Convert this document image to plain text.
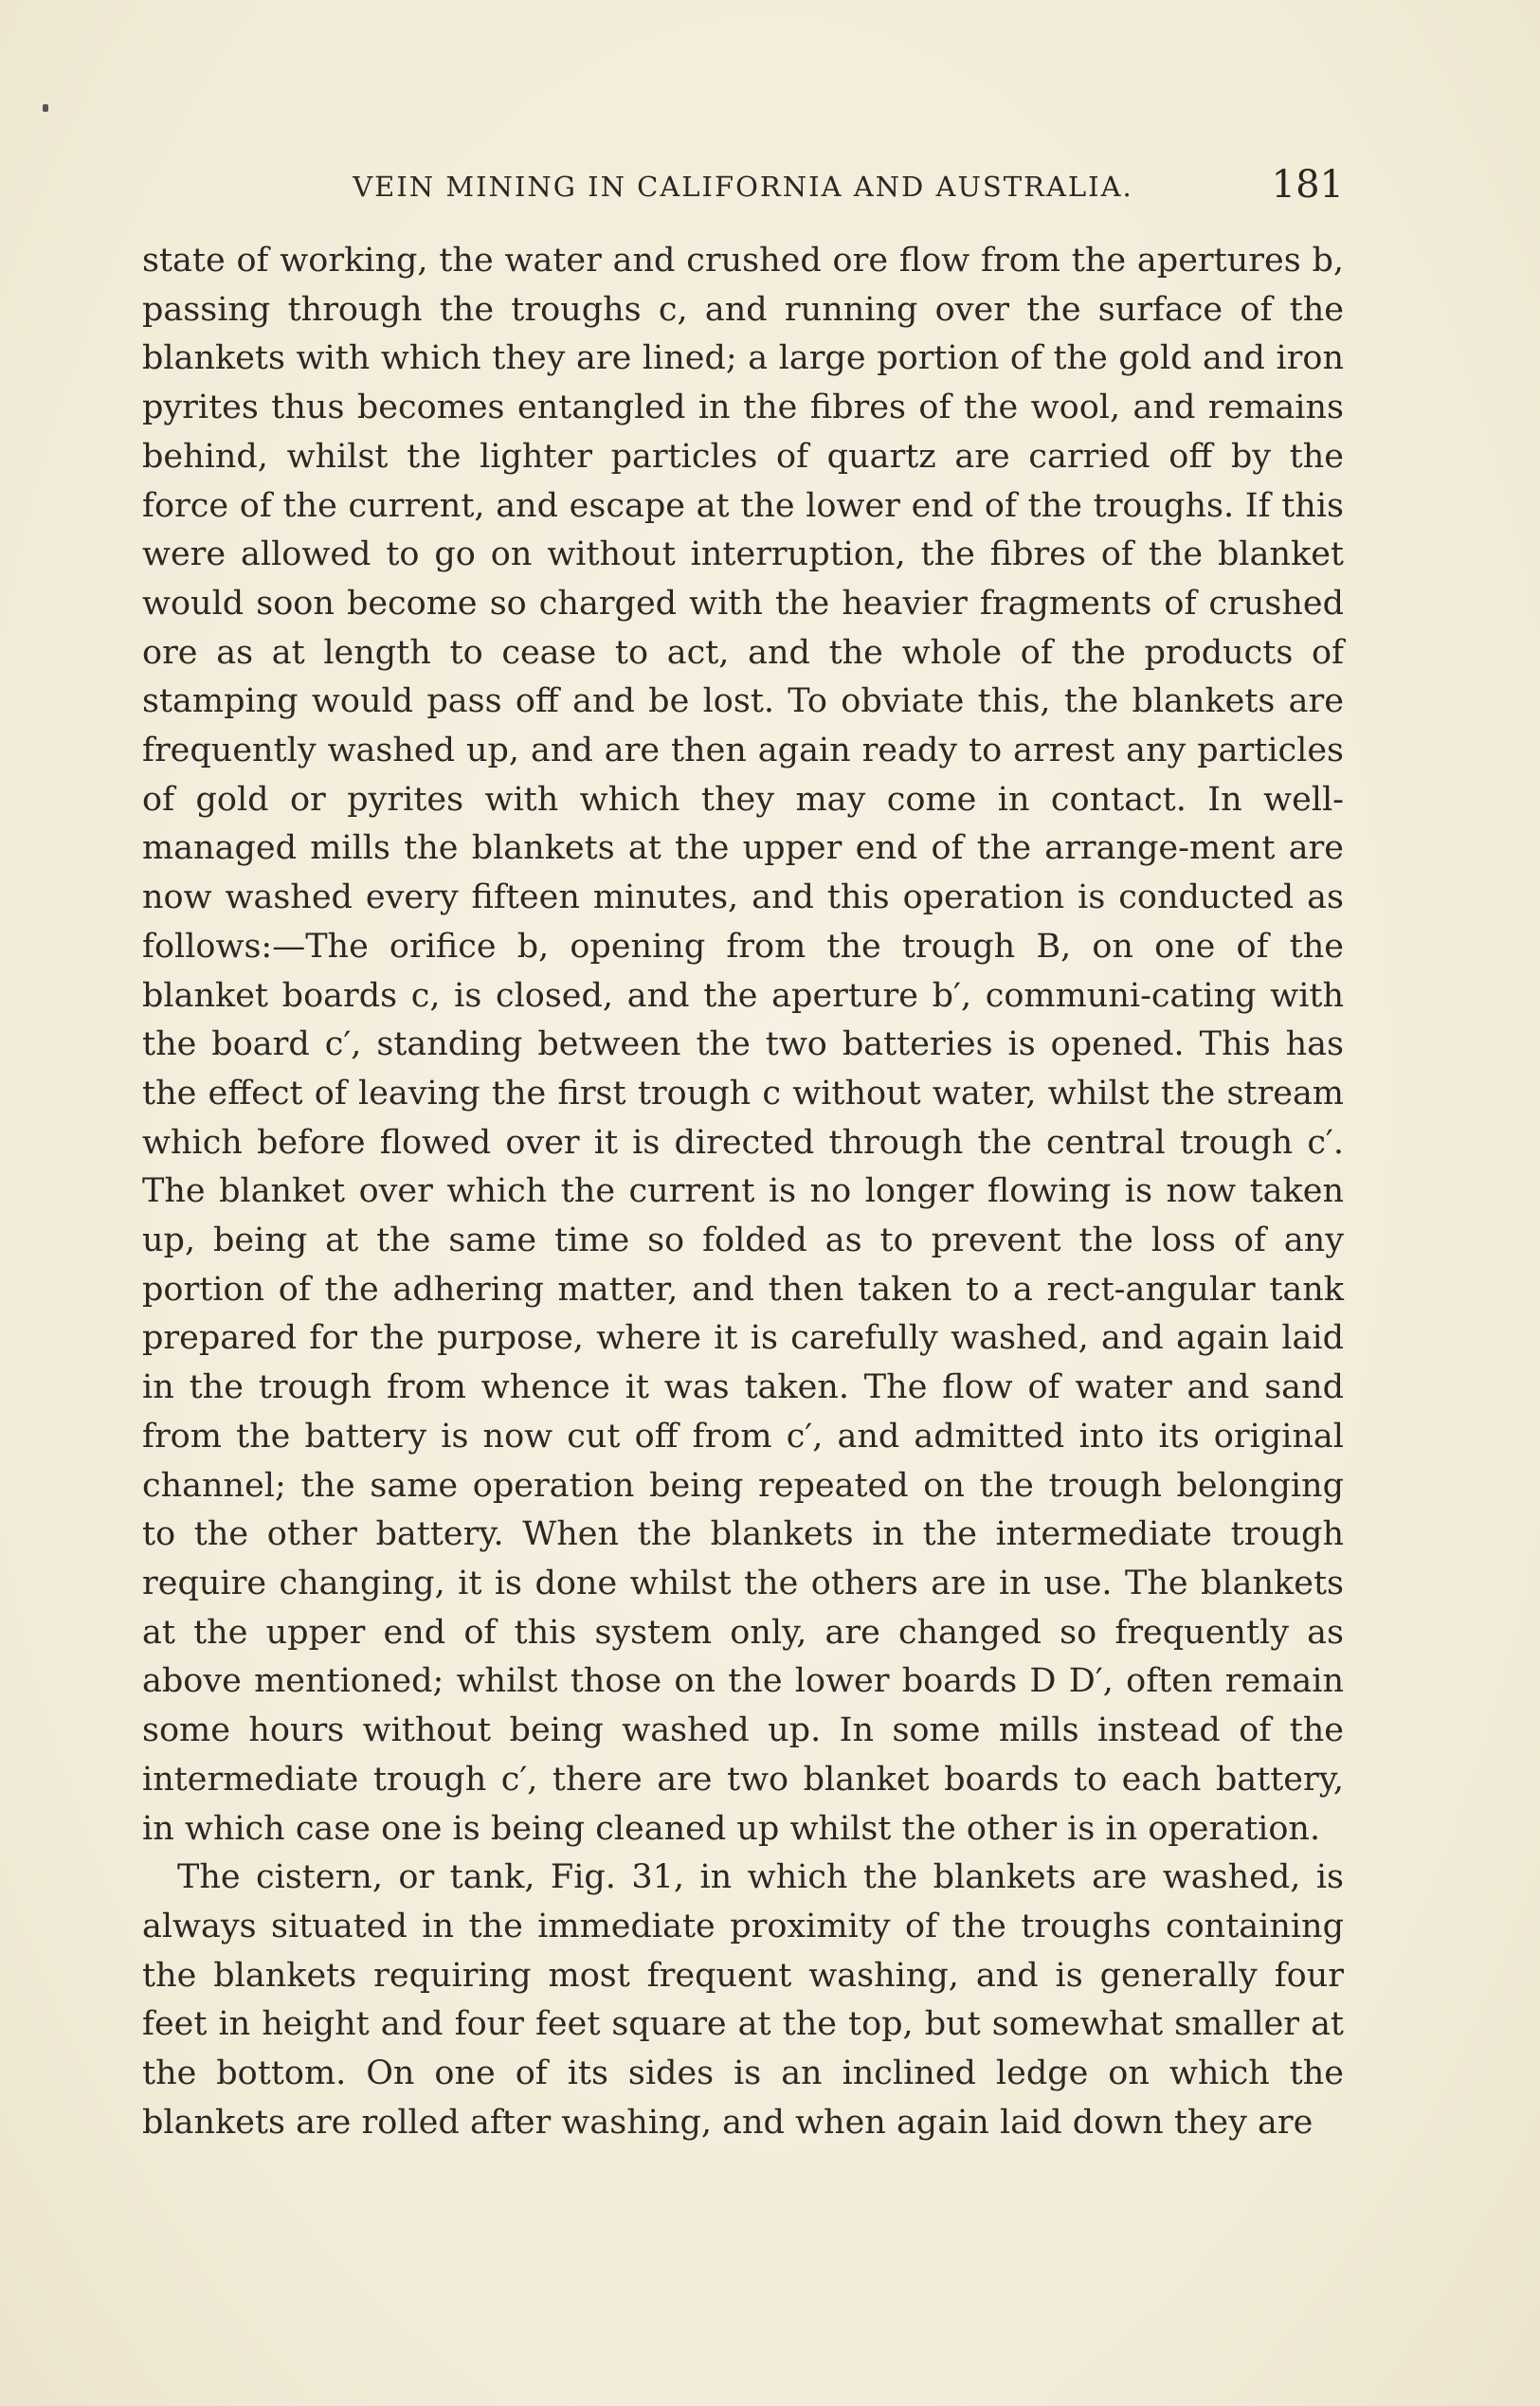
VEIN MINING IN CALIFORNIA AND AUSTRALIA.	181

state of working, the water and crushed ore flow from the apertures b, passing through the troughs c, and running over the surface of the blankets with which they are lined; a large portion of the gold and iron pyrites thus becomes entangled in the fibres of the wool, and remains behind, whilst the lighter particles of quartz are carried off by the force of the current, and escape at the lower end of the troughs. If this were allowed to go on without interruption, the fibres of the blanket would soon become so charged with the heavier fragments of crushed ore as at length to cease to act, and the whole of the products of stamping would pass off and be lost. To obviate this, the blankets are frequently washed up, and are then again ready to arrest any particles of gold or pyrites with which they may come in contact. In well-managed mills the blankets at the upper end of the arrange-ment are now washed every fifteen minutes, and this operation is conducted as follows:—The orifice b, opening from the trough B, on one of the blanket boards c, is closed, and the aperture b′, communi-cating with the board c′, standing between the two batteries is opened. This has the effect of leaving the first trough c without water, whilst the stream which before flowed over it is directed through the central trough c′. The blanket over which the current is no longer flowing is now taken up, being at the same time so folded as to prevent the loss of any portion of the adhering matter, and then taken to a rect-angular tank prepared for the purpose, where it is carefully washed, and again laid in the trough from whence it was taken. The flow of water and sand from the battery is now cut off from c′, and admitted into its original channel; the same operation being repeated on the trough belonging to the other battery. When the blankets in the intermediate trough require changing, it is done whilst the others are in use. The blankets at the upper end of this system only, are changed so frequently as above mentioned; whilst those on the lower boards D D′, often remain some hours without being washed up. In some mills instead of the intermediate trough c′, there are two blanket boards to each battery, in which case one is being cleaned up whilst the other is in operation.

The cistern, or tank, Fig. 31, in which the blankets are washed, is always situated in the immediate proximity of the troughs containing the blankets requiring most frequent washing, and is generally four feet in height and four feet square at the top, but somewhat smaller at the bottom. On one of its sides is an inclined ledge on which the blankets are rolled after washing, and when again laid down they are
